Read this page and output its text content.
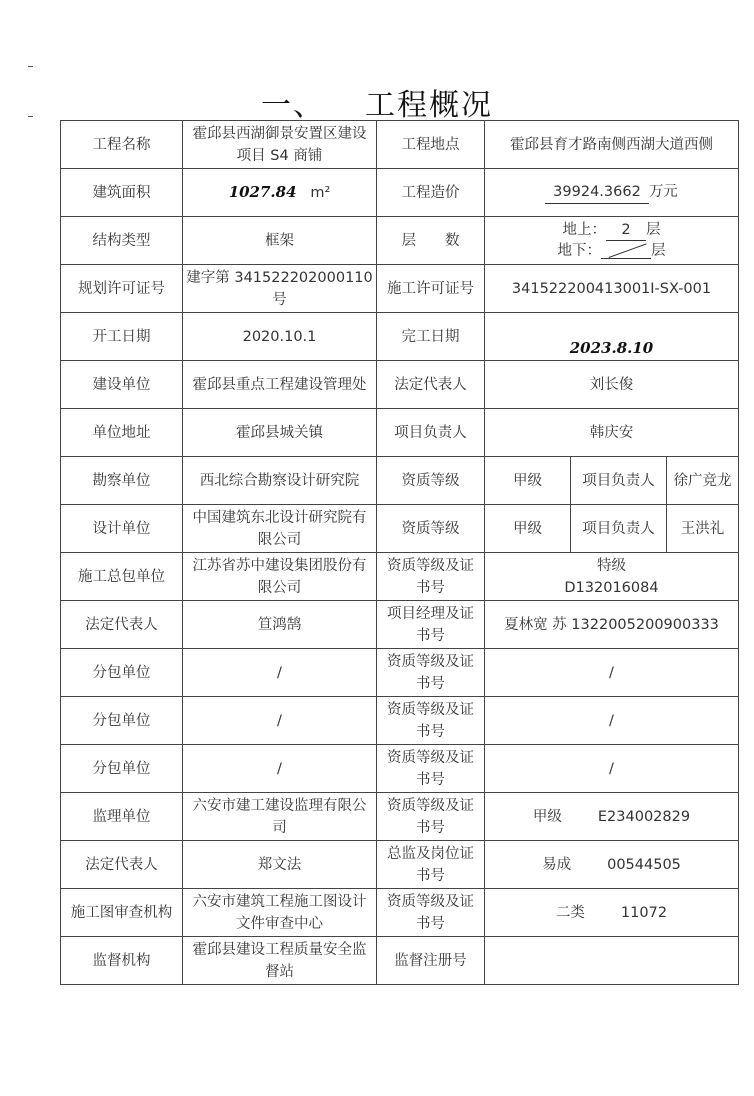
一、 工程概况
工程名称	霍邱县西湖御景安置区建设项目 S4 商铺	工程地点	霍邱县育才路南侧西湖大道西侧		
建筑面积	1027.84 m²	工程造价	39924.3662 万元		
结构类型	框架	层　　数	地上： 2 层
地下： 层		

规划许可证号	建字第 341522202000110 号	施工许可证号	341522200413001I-SX-001		
开工日期	2020.10.1	完工日期	2023.8.10		
建设单位	霍邱县重点工程建设管理处	法定代表人	刘长俊		
单位地址	霍邱县城关镇	项目负责人	韩庆安		
勘察单位	西北综合勘察设计研究院	资质等级	甲级	项目负责人	徐广竞龙
设计单位	中国建筑东北设计研究院有限公司	资质等级	甲级	项目负责人	王洪礼
施工总包单位	江苏省苏中建设集团股份有限公司	资质等级及证书号	特级
D132016084		

法定代表人	笪鸿鹄	项目经理及证书号	夏林宽 苏 1322005200900333		
分包单位	/	资质等级及证书号	/		
分包单位	/	资质等级及证书号	/		
分包单位	/	资质等级及证书号	/		
监理单位	六安市建工建设监理有限公司	资质等级及证书号	甲级 E234002829		
法定代表人	郑文法	总监及岗位证书号	易成 00544505		
施工图审查机构	六安市建筑工程施工图设计文件审查中心	资质等级及证书号	二类 11072		
监督机构	霍邱县建设工程质量安全监督站	监督注册号			
